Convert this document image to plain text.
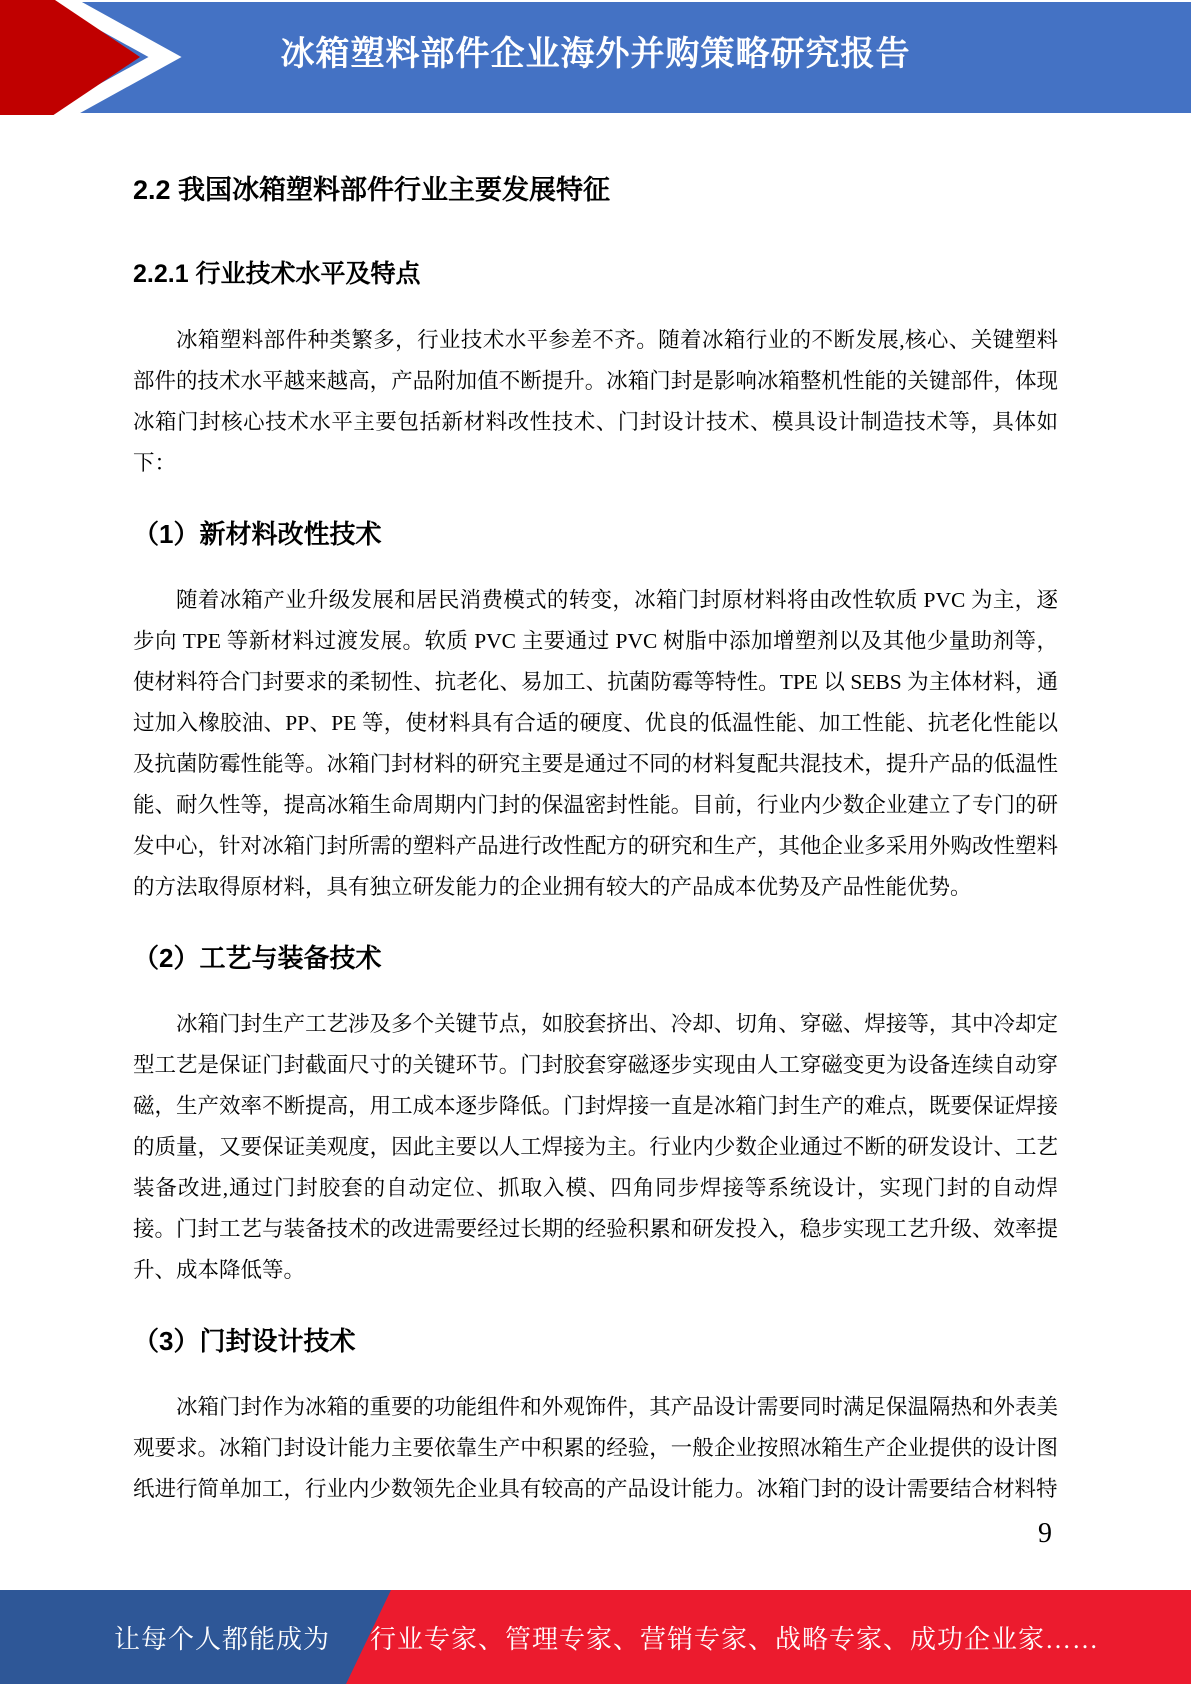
冰箱塑料部件企业海外并购策略研究报告
2.2 我国冰箱塑料部件行业主要发展特征
2.2.1 行业技术水平及特点

冰箱塑料部件种类繁多，行业技术水平参差不齐。随着冰箱行业的不断发展,核心、关键塑料部件的技术水平越来越高，产品附加值不断提升。冰箱门封是影响冰箱整机性能的关键部件，体现冰箱门封核心技术水平主要包括新材料改性技术、门封设计技术、模具设计制造技术等，具体如下：

（1）新材料改性技术

随着冰箱产业升级发展和居民消费模式的转变，冰箱门封原材料将由改性软质 PVC 为主，逐步向 TPE 等新材料过渡发展。软质 PVC 主要通过 PVC 树脂中添加增塑剂以及其他少量助剂等，使材料符合门封要求的柔韧性、抗老化、易加工、抗菌防霉等特性。TPE 以 SEBS 为主体材料，通过加入橡胶油、PP、PE 等，使材料具有合适的硬度、优良的低温性能、加工性能、抗老化性能以及抗菌防霉性能等。冰箱门封材料的研究主要是通过不同的材料复配共混技术，提升产品的低温性能、耐久性等，提高冰箱生命周期内门封的保温密封性能。目前，行业内少数企业建立了专门的研发中心，针对冰箱门封所需的塑料产品进行改性配方的研究和生产，其他企业多采用外购改性塑料的方法取得原材料，具有独立研发能力的企业拥有较大的产品成本优势及产品性能优势。

（2）工艺与装备技术

冰箱门封生产工艺涉及多个关键节点，如胶套挤出、冷却、切角、穿磁、焊接等，其中冷却定型工艺是保证门封截面尺寸的关键环节。门封胶套穿磁逐步实现由人工穿磁变更为设备连续自动穿磁，生产效率不断提高，用工成本逐步降低。门封焊接一直是冰箱门封生产的难点，既要保证焊接的质量，又要保证美观度，因此主要以人工焊接为主。行业内少数企业通过不断的研发设计、工艺装备改进,通过门封胶套的自动定位、抓取入模、四角同步焊接等系统设计，实现门封的自动焊接。门封工艺与装备技术的改进需要经过长期的经验积累和研发投入，稳步实现工艺升级、效率提升、成本降低等。

（3）门封设计技术

冰箱门封作为冰箱的重要的功能组件和外观饰件，其产品设计需要同时满足保温隔热和外表美观要求。冰箱门封设计能力主要依靠生产中积累的经验，一般企业按照冰箱生产企业提供的设计图纸进行简单加工，行业内少数领先企业具有较高的产品设计能力。冰箱门封的设计需要结合材料特

9
让每个人都能成为 行业专家、管理专家、营销专家、战略专家、成功企业家……
